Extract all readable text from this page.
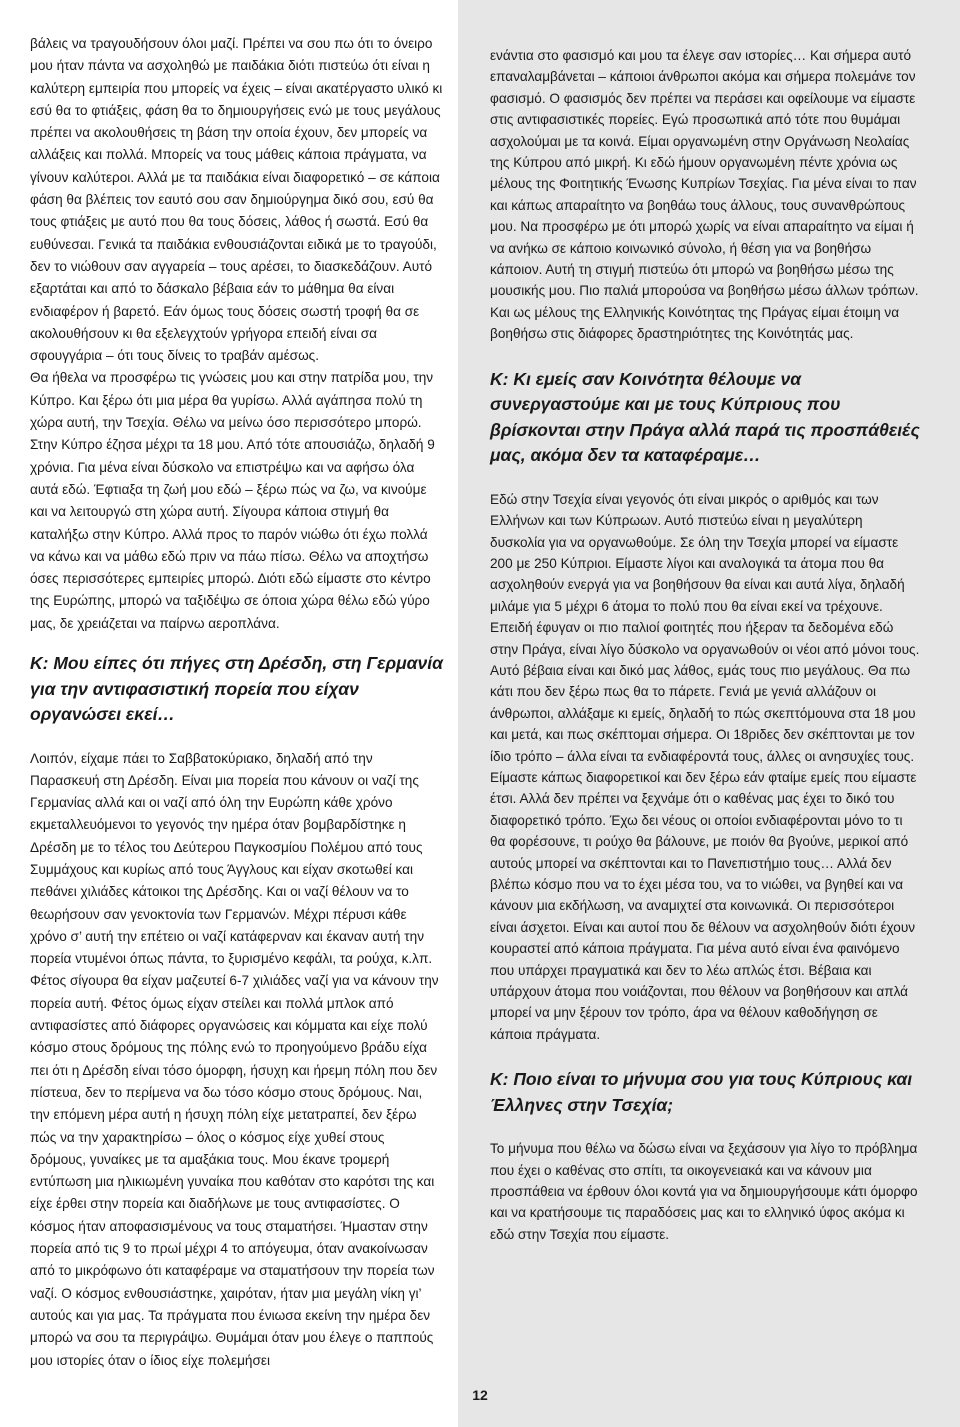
βάλεις να τραγουδήσουν όλοι μαζί. Πρέπει να σου πω ότι το όνειρο μου ήταν πάντα να ασχοληθώ με παιδάκια διότι πιστεύω ότι είναι η καλύτερη εμπειρία που μπορείς να έχεις – είναι ακατέργαστο υλικό κι εσύ θα το φτιάξεις, φάση θα το δημιουργήσεις ενώ με τους μεγάλους πρέπει να ακολουθήσεις τη βάση την οποία έχουν, δεν μπορείς να αλλάξεις και πολλά. Μπορείς να τους μάθεις κάποια πράγματα, να γίνουν καλύτεροι. Αλλά με τα παιδάκια είναι διαφορετικό – σε κάποια φάση θα βλέπεις τον εαυτό σου σαν δημιούργημα δικό σου, εσύ θα τους φτιάξεις με αυτό που θα τους δόσεις, λάθος ή σωστά. Εσύ θα ευθύνεσαι. Γενικά τα παιδάκια ενθουσιάζονται ειδικά με το τραγούδι, δεν το νιώθουν σαν αγγαρεία – τους αρέσει, το διασκεδάζουν. Αυτό εξαρτάται και από το δάσκαλο βέβαια εάν το μάθημα θα είναι ενδιαφέρον ή βαρετό. Εάν όμως τους δόσεις σωστή τροφή θα σε ακολουθήσουν κι θα εξελεγχτούν γρήγορα επειδή είναι σα σφουγγάρια – ότι τους δίνεις το τραβάν αμέσως.

Θα ήθελα να προσφέρω τις γνώσεις μου και στην πατρίδα μου, την Κύπρο. Και ξέρω ότι μια μέρα θα γυρίσω. Αλλά αγάπησα πολύ τη χώρα αυτή, την Τσεχία. Θέλω να μείνω όσο περισσότερο μπορώ. Στην Κύπρο έζησα μέχρι τα 18 μου. Από τότε απουσιάζω, δηλαδή 9 χρόνια. Για μένα είναι δύσκολο να επιστρέψω και να αφήσω όλα αυτά εδώ. Έφτιαξα τη ζωή μου εδώ – ξέρω πώς να ζω, να κινούμε και να λειτουργώ στη χώρα αυτή. Σίγουρα κάποια στιγμή θα καταλήξω στην Κύπρο. Αλλά προς το παρόν νιώθω ότι έχω πολλά να κάνω και να μάθω εδώ πριν να πάω πίσω. Θέλω να αποχτήσω όσες περισσότερες εμπειρίες μπορώ. Διότι εδώ είμαστε στο κέντρο της Ευρώπης, μπορώ να ταξιδέψω σε όποια χώρα θέλω εδώ γύρο μας, δε χρειάζεται να παίρνω αεροπλάνα.

Κ: Μου είπες ότι πήγες στη Δρέσδη, στη Γερμανία για την αντιφασιστική πορεία που είχαν οργανώσει εκεί…

Λοιπόν, είχαμε πάει το Σαββατοκύριακο, δηλαδή από την Παρασκευή στη Δρέσδη. Είναι μια πορεία που κάνουν οι ναζί της Γερμανίας αλλά και οι ναζί από όλη την Ευρώπη κάθε χρόνο εκμεταλλευόμενοι το γεγονός την ημέρα όταν βομβαρδίστηκε η Δρέσδη με το τέλος του Δεύτερου Παγκοσμίου Πολέμου από τους Συμμάχους και κυρίως από τους Άγγλους και είχαν σκοτωθεί και πεθάνει χιλιάδες κάτοικοι της Δρέσδης. Και οι ναζί θέλουν να το θεωρήσουν σαν γενοκτονία των Γερμανών. Μέχρι πέρυσι κάθε χρόνο σ’ αυτή την επέτειο οι ναζί κατάφερναν και έκαναν αυτή την πορεία ντυμένοι όπως πάντα, το ξυρισμένο κεφάλι, τα ρούχα, κ.λπ. Φέτος σίγουρα θα είχαν μαζευτεί 6-7 χιλιάδες ναζί για να κάνουν την πορεία αυτή. Φέτος όμως είχαν στείλει και πολλά μπλοκ από αντιφασίστες από διάφορες οργανώσεις και κόμματα και είχε πολύ κόσμο στους δρόμους της πόλης ενώ το προηγούμενο βράδυ είχα πει ότι η Δρέσδη είναι τόσο όμορφη, ήσυχη και ήρεμη πόλη που δεν πίστευα, δεν το περίμενα να δω τόσο κόσμο στους δρόμους. Ναι, την επόμενη μέρα αυτή η ήσυχη πόλη είχε μετατραπεί, δεν ξέρω πώς να την χαρακτηρίσω – όλος ο κόσμος είχε χυθεί στους δρόμους, γυναίκες με τα αμαξάκια τους. Μου έκανε τρομερή εντύπωση μια ηλικιωμένη γυναίκα που καθόταν στο καρότσι της και είχε έρθει στην πορεία και διαδήλωνε με τους αντιφασίστες. Ο κόσμος ήταν αποφασισμένους να τους σταματήσει. Ήμασταν στην πορεία από τις 9 το πρωί μέχρι 4 το απόγευμα, όταν ανακοίνωσαν από το μικρόφωνο ότι καταφέραμε να σταματήσουν την πορεία των ναζί. Ο κόσμος ενθουσιάστηκε, χαιρόταν, ήταν μια μεγάλη νίκη γι’ αυτούς και για μας. Τα πράγματα που ένιωσα εκείνη την ημέρα δεν μπορώ να σου τα περιγράψω. Θυμάμαι όταν μου έλεγε ο παππούς μου ιστορίες όταν ο ίδιος είχε πολεμήσει

ενάντια στο φασισμό και μου τα έλεγε σαν ιστορίες… Και σήμερα αυτό επαναλαμβάνεται – κάποιοι άνθρωποι ακόμα και σήμερα πολεμάνε τον φασισμό. Ο φασισμός δεν πρέπει να περάσει και οφείλουμε να είμαστε στις αντιφασιστικές πορείες. Εγώ προσωπικά από τότε που θυμάμαι ασχολούμαι με τα κοινά. Είμαι οργανωμένη στην Οργάνωση Νεολαίας της Κύπρου από μικρή. Κι εδώ ήμουν οργανωμένη πέντε χρόνια ως μέλους της Φοιτητικής Ένωσης Κυπρίων Τσεχίας. Για μένα είναι το παν και κάπως απαραίτητο να βοηθάω τους άλλους, τους συνανθρώπους μου. Να προσφέρω με ότι μπορώ χωρίς να είναι απαραίτητο να είμαι ή να ανήκω σε κάποιο κοινωνικό σύνολο, ή θέση για να βοηθήσω κάποιον. Αυτή τη στιγμή πιστεύω ότι μπορώ να βοηθήσω μέσω της μουσικής μου. Πιο παλιά μπορούσα να βοηθήσω μέσω άλλων τρόπων. Και ως μέλους της Ελληνικής Κοινότητας της Πράγας είμαι έτοιμη να βοηθήσω στις διάφορες δραστηριότητες της Κοινότητάς μας.

Κ: Κι εμείς σαν Κοινότητα θέλουμε να συνεργαστούμε και με τους Κύπριους που βρίσκονται στην Πράγα αλλά παρά τις προσπάθειές μας, ακόμα δεν τα καταφέραμε…

Εδώ στην Τσεχία είναι γεγονός ότι είναι μικρός ο αριθμός και των Ελλήνων και των Κύπρωων. Αυτό πιστεύω είναι η μεγαλύτερη δυσκολία για να οργανωθούμε. Σε όλη την Τσεχία μπορεί να είμαστε 200 με 250 Κύπριοι. Είμαστε λίγοι και αναλογικά τα άτομα που θα ασχοληθούν ενεργά για να βοηθήσουν θα είναι και αυτά λίγα, δηλαδή μιλάμε για 5 μέχρι 6 άτομα το πολύ που θα είναι εκεί να τρέχουνε. Επειδή έφυγαν οι πιο παλιοί φοιτητές που ήξεραν τα δεδομένα εδώ στην Πράγα, είναι λίγο δύσκολο να οργανωθούν οι νέοι από μόνοι τους. Αυτό βέβαια είναι και δικό μας λάθος, εμάς τους πιο μεγάλους. Θα πω κάτι που δεν ξέρω πως θα το πάρετε. Γενιά με γενιά αλλάζουν οι άνθρωποι, αλλάξαμε κι εμείς, δηλαδή το πώς σκεπτόμουνα στα 18 μου και μετά, και πως σκέπτομαι σήμερα. Οι 18ριδες δεν σκέπτονται με τον ίδιο τρόπο – άλλα είναι τα ενδιαφέροντά τους, άλλες οι ανησυχίες τους. Είμαστε κάπως διαφορετικοί και δεν ξέρω εάν φταίμε εμείς που είμαστε έτσι. Αλλά δεν πρέπει να ξεχνάμε ότι ο καθένας μας έχει το δικό του διαφορετικό τρόπο. Έχω δει νέους οι οποίοι ενδιαφέρονται μόνο το τι θα φορέσουνε, τι ρούχο θα βάλουνε, με ποιόν θα βγούνε, μερικοί από αυτούς μπορεί να σκέπτονται και το Πανεπιστήμιο τους… Αλλά δεν βλέπω κόσμο που να το έχει μέσα του, να το νιώθει, να βγηθεί και να κάνουν μια εκδήλωση, να αναμιχτεί στα κοινωνικά. Οι περισσότεροι είναι άσχετοι. Είναι και αυτοί που δε θέλουν να ασχοληθούν διότι έχουν κουραστεί από κάποια πράγματα. Για μένα αυτό είναι ένα φαινόμενο που υπάρχει πραγματικά και δεν το λέω απλώς έτσι. Βέβαια και υπάρχουν άτομα που νοιάζονται, που θέλουν να βοηθήσουν και απλά μπορεί να μην ξέρουν τον τρόπο, άρα να θέλουν καθοδήγηση σε κάποια πράγματα.

Κ: Ποιο είναι το μήνυμα σου για τους Κύπριους και Έλληνες στην Τσεχία;

Το μήνυμα που θέλω να δώσω είναι να ξεχάσουν για λίγο το πρόβλημα που έχει ο καθένας στο σπίτι, τα οικογενειακά και να κάνουν μια προσπάθεια να έρθουν όλοι κοντά για να δημιουργήσουμε κάτι όμορφο και να κρατήσουμε τις παραδόσεις μας και το ελληνικό ύφος ακόμα κι εδώ στην Τσεχία που είμαστε.

12
